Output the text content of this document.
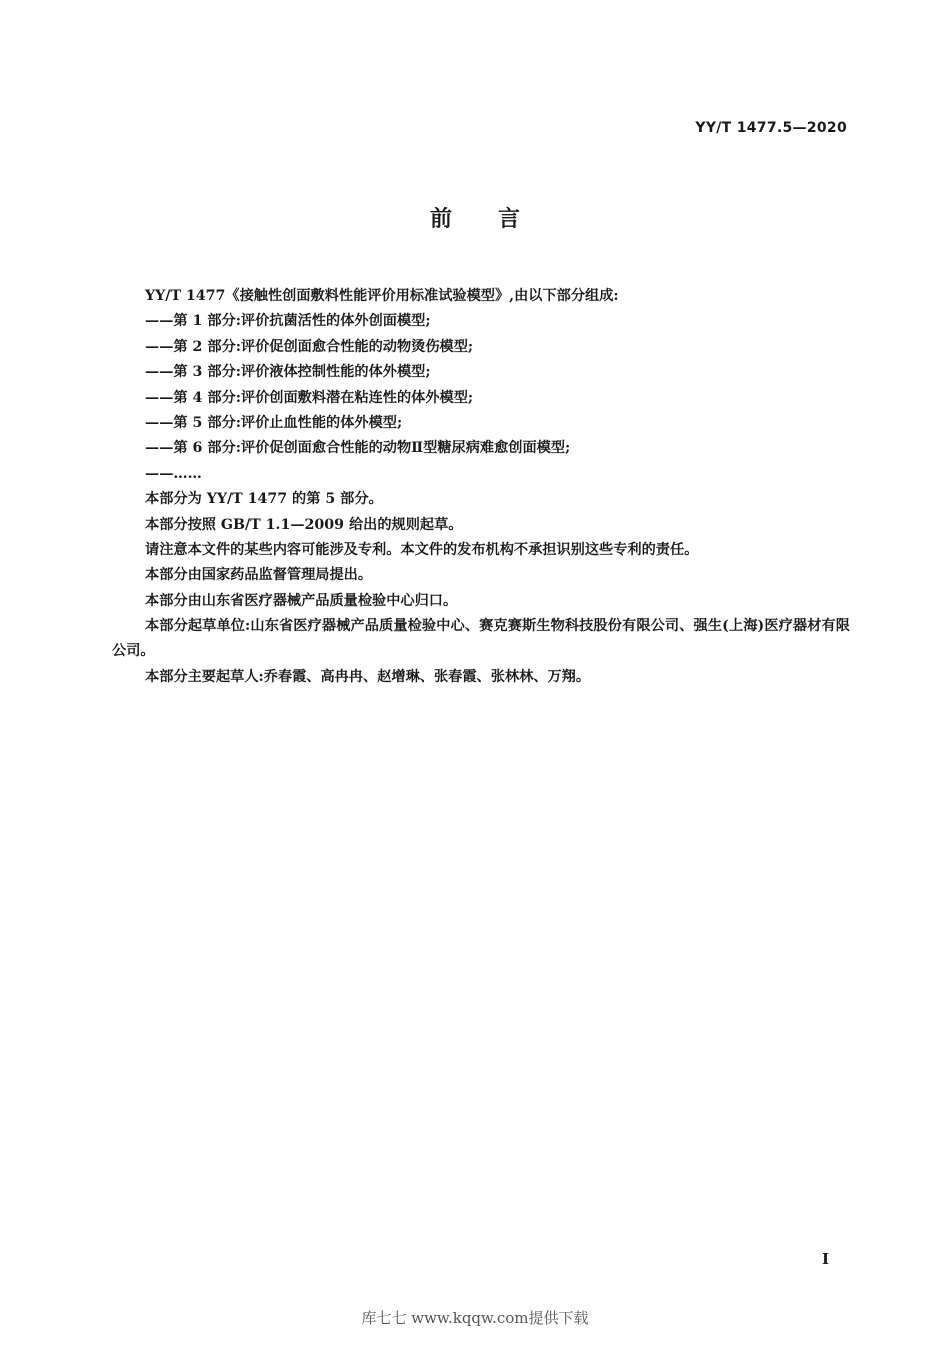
YY/T 1477.5—2020
前言
YY/T 1477《接触性创面敷料性能评价用标准试验模型》,由以下部分组成:
——第 1 部分:评价抗菌活性的体外创面模型;
——第 2 部分:评价促创面愈合性能的动物烫伤模型;
——第 3 部分:评价液体控制性能的体外模型;
——第 4 部分:评价创面敷料潜在粘连性的体外模型;
——第 5 部分:评价止血性能的体外模型;
——第 6 部分:评价促创面愈合性能的动物Ⅱ型糖尿病难愈创面模型;
——……
本部分为 YY/T 1477 的第 5 部分。
本部分按照 GB/T 1.1—2009 给出的规则起草。
请注意本文件的某些内容可能涉及专利。本文件的发布机构不承担识别这些专利的责任。
本部分由国家药品监督管理局提出。
本部分由山东省医疗器械产品质量检验中心归口。
本部分起草单位:山东省医疗器械产品质量检验中心、赛克赛斯生物科技股份有限公司、强生(上海)医疗器材有限公司。
本部分主要起草人:乔春霞、高冉冉、赵增琳、张春霞、张林林、万翔。
I
库七七 www.kqqw.com提供下载
